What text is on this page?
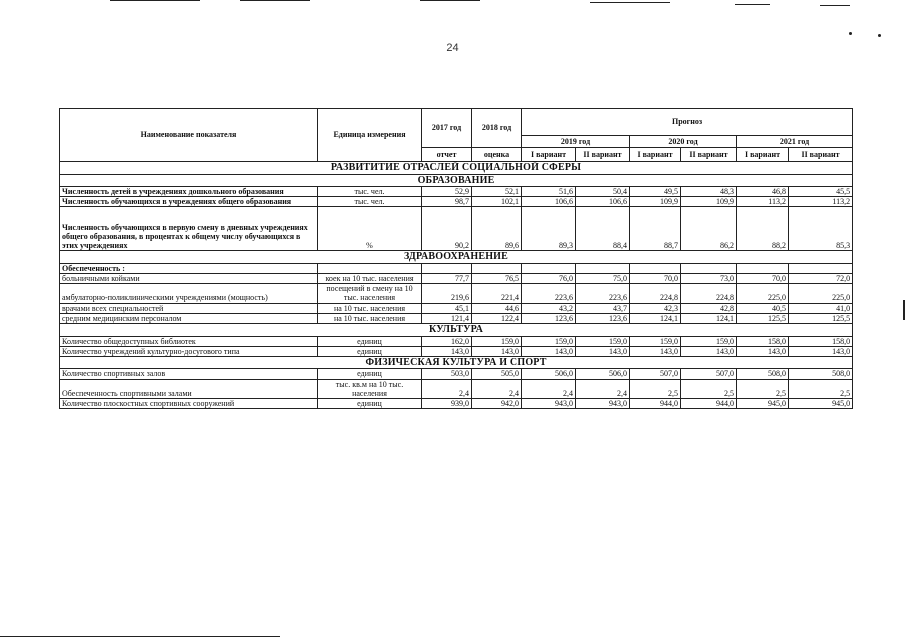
24
Наименование показателя	Единица измерения	2017 год	2018 год	Прогноз					
				2019 год		2020 год		2021 год	
		отчет	оценка	I вариант	II вариант	I вариант	II вариант	I вариант	II вариант
РАЗВИТИТИЕ ОТРАСЛЕЙ СОЦИАЛЬНОЙ СФЕРЫ									
ОБРАЗОВАНИЕ									
Численность детей в учреждениях дошкольного образования	тыс. чел.	52,9	52,1	51,6	50,4	49,5	48,3	46,8	45,5
Численность обучающихся в учреждениях общего образования	тыс. чел.	98,7	102,1	106,6	106,6	109,9	109,9	113,2	113,2
Численность обучающихся в первую смену в дневных учреждениях общего образования, в процентах к общему числу обучающихся в этих учреждениях	%	90,2	89,6	89,3	88,4	88,7	86,2	88,2	85,3
ЗДРАВООХРАНЕНИЕ									
Обеспеченность :									
больничными койками	коек на 10 тыс. населения	77,7	76,5	76,0	75,0	70,0	73,0	70,0	72,0
амбулаторно-поликлиническими учреждениями (мощность)	посещений в смену на 10 тыс. населения	219,6	221,4	223,6	223,6	224,8	224,8	225,0	225,0
врачами всех специальностей	на 10 тыс. населения	45,1	44,6	43,2	43,7	42,3	42,8	40,5	41,0
средним медицинским персоналом	на 10 тыс. населения	121,4	122,4	123,6	123,6	124,1	124,1	125,5	125,5
КУЛЬТУРА									
Количество общедоступных библиотек	единиц	162,0	159,0	159,0	159,0	159,0	159,0	158,0	158,0
Количество учреждений культурно-досугового типа	единиц	143,0	143,0	143,0	143,0	143,0	143,0	143,0	143,0
ФИЗИЧЕСКАЯ КУЛЬТУРА И СПОРТ									
Количество спортивных залов	единиц	503,0	505,0	506,0	506,0	507,0	507,0	508,0	508,0
Обеспеченность спортивными залами	тыс. кв.м на 10 тыс. населения	2,4	2,4	2,4	2,4	2,5	2,5	2,5	2,5
Количество плоскостных спортивных сооружений	единиц	939,0	942,0	943,0	943,0	944,0	944,0	945,0	945,0
